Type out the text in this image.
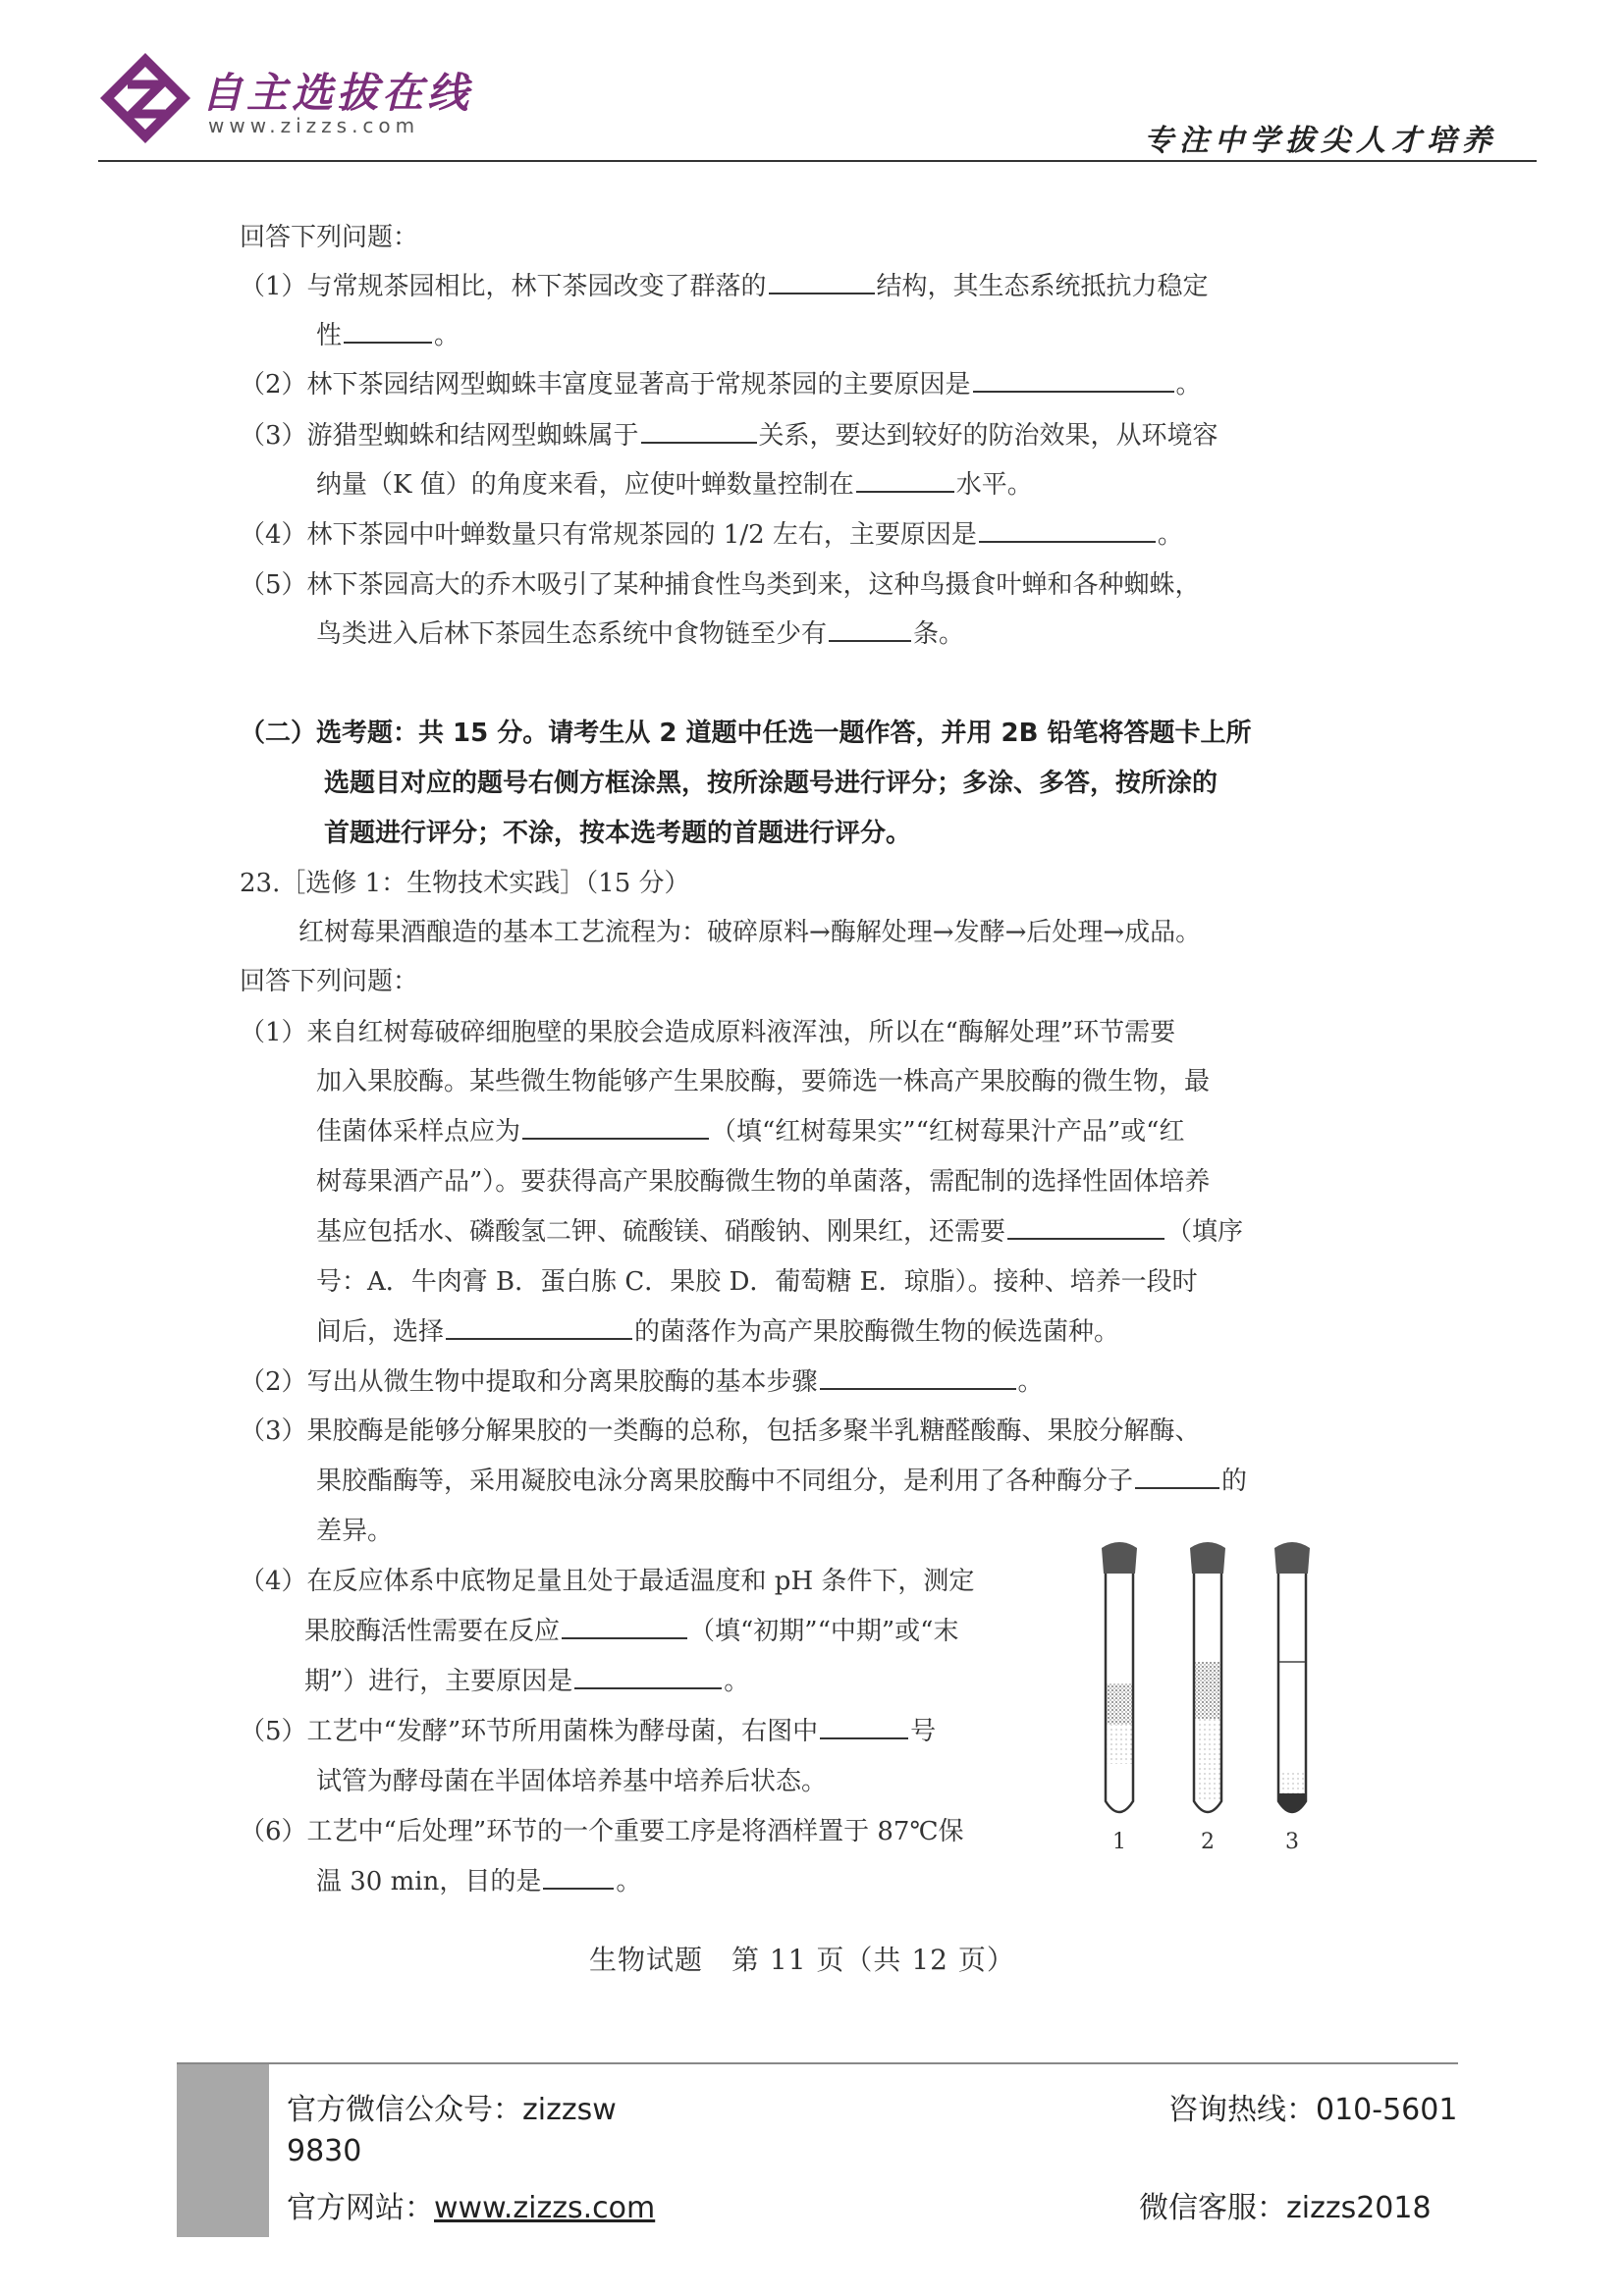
自主选拔在线
www.zizzs.com	专注中学拔尖人才培养
回答下列问题：
（1）与常规茶园相比，林下茶园改变了群落的	结构，其生态系统抵抗力稳定
性	。
（2）林下茶园结网型蜘蛛丰富度显著高于常规茶园的主要原因是	。
（3）游猎型蜘蛛和结网型蜘蛛属于	关系，要达到较好的防治效果，从环境容
纳量（K 值）的角度来看，应使叶蝉数量控制在	水平。
（4）林下茶园中叶蝉数量只有常规茶园的 1/2 左右，主要原因是	。
（5）林下茶园高大的乔木吸引了某种捕食性鸟类到来，这种鸟摄食叶蝉和各种蜘蛛，
鸟类进入后林下茶园生态系统中食物链至少有	条。
（二）选考题：共 15 分。请考生从 2 道题中任选一题作答，并用 2B 铅笔将答题卡上所
选题目对应的题号右侧方框涂黑，按所涂题号进行评分；多涂、多答，按所涂的
首题进行评分；不涂，按本选考题的首题进行评分。
23.［选修 1：生物技术实践］（15 分）
红树莓果酒酿造的基本工艺流程为：破碎原料→酶解处理→发酵→后处理→成品。
回答下列问题：
（1）来自红树莓破碎细胞壁的果胶会造成原料液浑浊，所以在“酶解处理”环节需要
加入果胶酶。某些微生物能够产生果胶酶，要筛选一株高产果胶酶的微生物，最
佳菌体采样点应为	（填“红树莓果实”“红树莓果汁产品”或“红
树莓果酒产品”）。要获得高产果胶酶微生物的单菌落，需配制的选择性固体培养
基应包括水、磷酸氢二钾、硫酸镁、硝酸钠、刚果红，还需要	（填序
号：A．牛肉膏 B．蛋白胨 C．果胶 D．葡萄糖 E．琼脂）。接种、培养一段时
间后，选择	的菌落作为高产果胶酶微生物的候选菌种。
（2）写出从微生物中提取和分离果胶酶的基本步骤	。
（3）果胶酶是能够分解果胶的一类酶的总称，包括多聚半乳糖醛酸酶、果胶分解酶、
果胶酯酶等，采用凝胶电泳分离果胶酶中不同组分，是利用了各种酶分子	的
差异。
（4）在反应体系中底物足量且处于最适温度和 pH 条件下，测定
果胶酶活性需要在反应	（填“初期”“中期”或“末
期”）进行，主要原因是	。
（5）工艺中“发酵”环节所用菌株为酵母菌，右图中	号
试管为酵母菌在半固体培养基中培养后状态。
（6）工艺中“后处理”环节的一个重要工序是将酒样置于 87℃保
温 30 min，目的是	。
1	2	3
生物试题　第 11 页（共 12 页）
官方微信公众号：zizzsw
9830
咨询热线：010-5601
官方网站：www.zizzs.com	微信客服：zizzs2018
